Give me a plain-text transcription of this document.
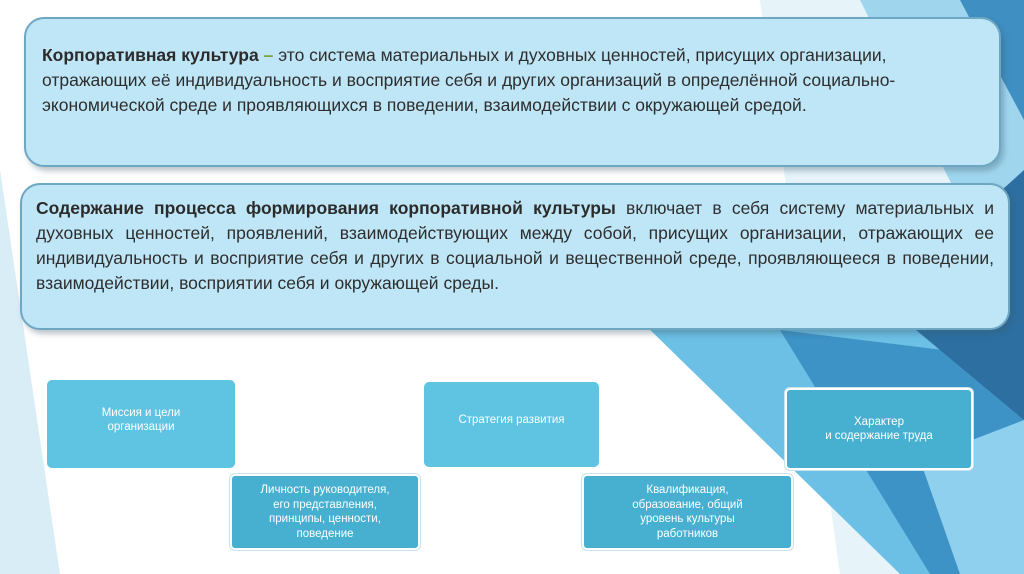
Корпоративная культура – это система материальных и духовных ценностей, присущих организации, отражающих её индивидуальность и восприятие себя и других организаций в определённой социально-экономической среде и проявляющихся в поведении, взаимодействии с окружающей средой.
Содержание процесса формирования корпоративной культуры включает в себя систему материальных и духовных ценностей, проявлений, взаимодействующих между собой, присущих организации, отражающих ее индивидуальность и восприятие себя и других в социальной и вещественной среде, проявляющееся в поведении, взаимодействии, восприятии себя и окружающей среды.
Миссия и цели
организации
Личность руководителя,
его представления,
принципы, ценности,
поведение
Стратегия развития
Квалификация,
образование, общий
уровень культуры
работников
Характер
и содержание труда
